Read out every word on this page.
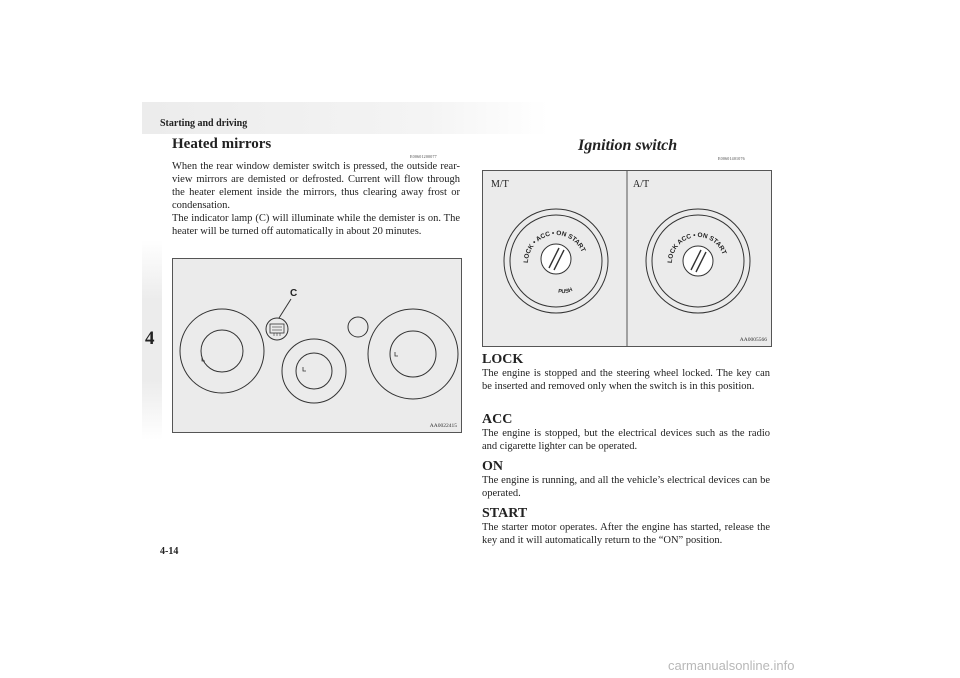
Starting and driving
4
Heated mirrors
E00601200077

When the rear window demister switch is pressed, the outside rear-view mirrors are demisted or defrosted. Current will flow through the heater element inside the mirrors, thus clearing away frost or condensation.

The indicator lamp (C) will illuminate while the demister is on. The heater will be turned off automatically in about 20 minutes.

C
AA0022415
Ignition switch
E00601401076
M/T	A/T
LOCK • ACC • ON START
PUSH
LOCK ACC • ON START
AA0005566
LOCK
The engine is stopped and the steering wheel locked. The key can be inserted and removed only when the switch is in this position.
ACC
The engine is stopped, but the electrical devices such as the radio and cigarette lighter can be operated.
ON
The engine is running, and all the vehicle’s electrical devices can be operated.
START
The starter motor operates. After the engine has started, release the key and it will automatically return to the “ON” position.
4-14
carmanualsonline.info
